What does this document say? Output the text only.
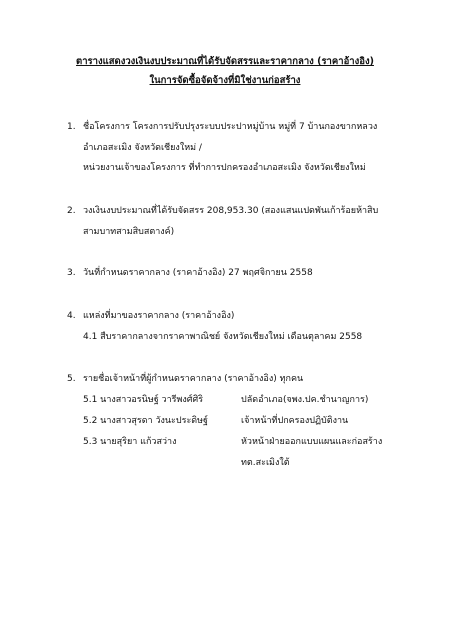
ตารางแสดงวงเงินงบประมาณที่ได้รับจัดสรรและราคากลาง (ราคาอ้างอิง)
ในการจัดซื้อจัดจ้างที่มิใช่งานก่อสร้าง
1. ชื่อโครงการ โครงการปรับปรุงระบบประปาหมู่บ้าน หมู่ที่ 7 บ้านกองขากหลวง
อำเภอสะเมิง จังหวัดเชียงใหม่ /
หน่วยงานเจ้าของโครงการ ที่ทำการปกครองอำเภอสะเมิง จังหวัดเชียงใหม่
2. วงเงินงบประมาณที่ได้รับจัดสรร 208,953.30 (สองแสนแปดพันเก้าร้อยห้าสิบ
สามบาทสามสิบสตางค์)
3. วันที่กำหนดราคากลาง (ราคาอ้างอิง) 27 พฤศจิกายน 2558
4. แหล่งที่มาของราคากลาง (ราคาอ้างอิง)
4.1 สืบราคากลางจากราคาพาณิชย์ จังหวัดเชียงใหม่ เดือนตุลาคม 2558
5. รายชื่อเจ้าหน้าที่ผู้กำหนดราคากลาง (ราคาอ้างอิง) ทุกคน
5.1 นางสาวอรนิษฐ์ วารีพงศ์ศิริ	ปลัดอำเภอ(จพง.ปค.ชำนาญการ)
5.2 นางสาวสุรดา วังนะประดิษฐ์	เจ้าหน้าที่ปกครองปฏิบัติงาน
5.3 นายสุริยา แก้วสว่าง	หัวหน้าฝ่ายออกแบบแผนและก่อสร้าง
ทต.สะเมิงใต้
